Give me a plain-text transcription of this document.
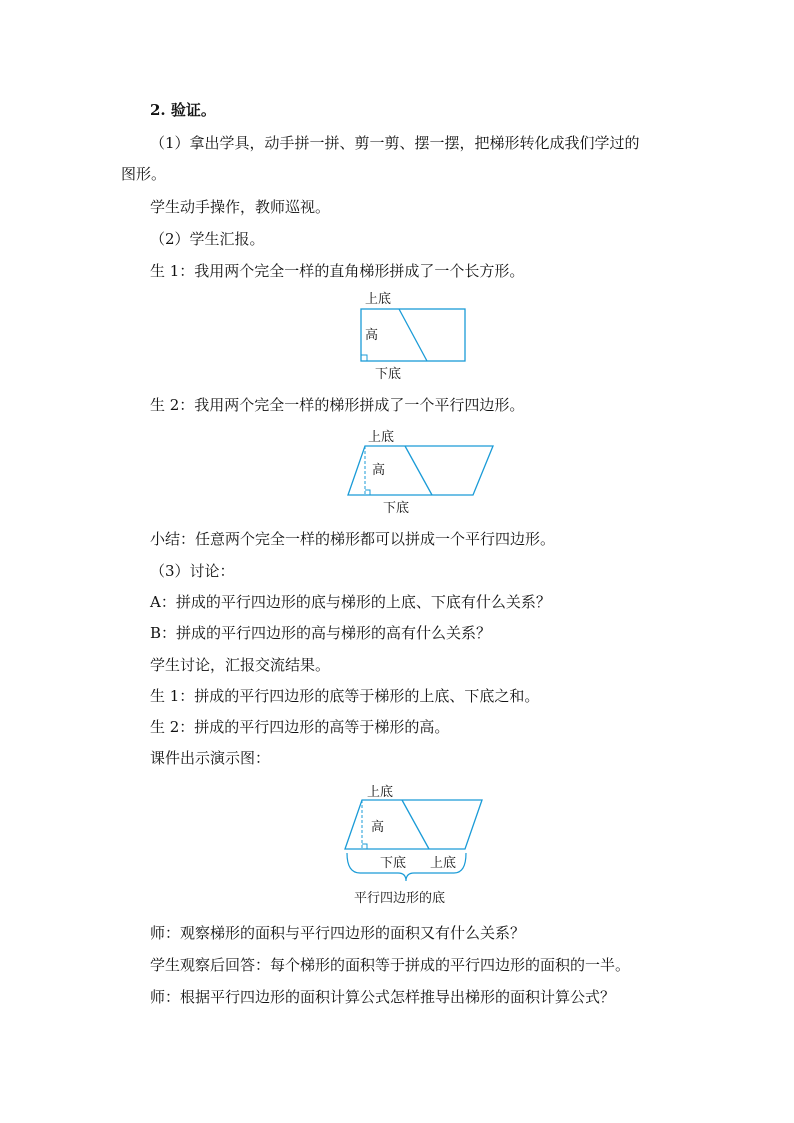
2. 验证。
（1）拿出学具，动手拼一拼、剪一剪、摆一摆，把梯形转化成我们学过的
图形。
学生动手操作，教师巡视。
（2）学生汇报。
生 1：我用两个完全一样的直角梯形拼成了一个长方形。
上底
高
下底
生 2：我用两个完全一样的梯形拼成了一个平行四边形。
上底
高
下底
小结：任意两个完全一样的梯形都可以拼成一个平行四边形。
（3）讨论：
A：拼成的平行四边形的底与梯形的上底、下底有什么关系？
B：拼成的平行四边形的高与梯形的高有什么关系？
学生讨论，汇报交流结果。
生 1：拼成的平行四边形的底等于梯形的上底、下底之和。
生 2：拼成的平行四边形的高等于梯形的高。
课件出示演示图：
上底
高
下底 上底
平行四边形的底
师：观察梯形的面积与平行四边形的面积又有什么关系？
学生观察后回答：每个梯形的面积等于拼成的平行四边形的面积的一半。
师：根据平行四边形的面积计算公式怎样推导出梯形的面积计算公式？
